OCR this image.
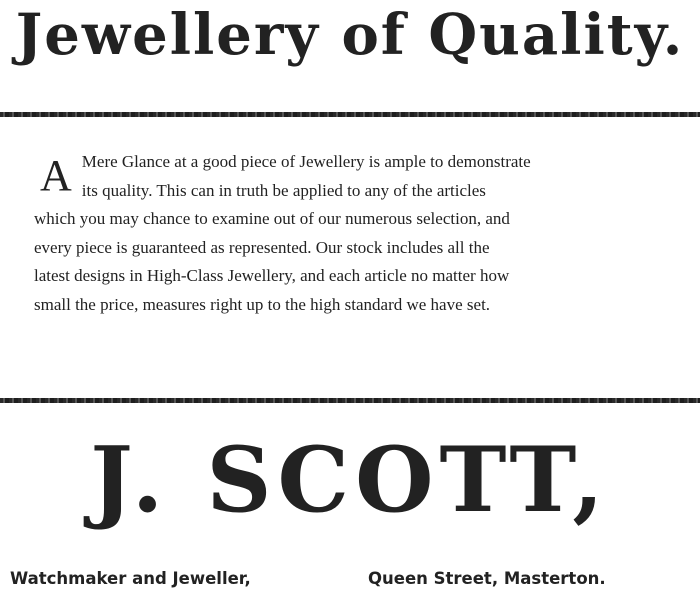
Jewellery of Quality.
A Mere Glance at a good piece of Jewellery is ample to demonstrate
its quality. This can in truth be applied to any of the articles
which you may chance to examine out of our numerous selection, and
every piece is guaranteed as represented. Our stock includes all the
latest designs in High-Class Jewellery, and each article no matter how
small the price, measures right up to the high standard we have set.
J. SCOTT,
Watchmaker and Jeweller,	Queen Street, Masterton.
